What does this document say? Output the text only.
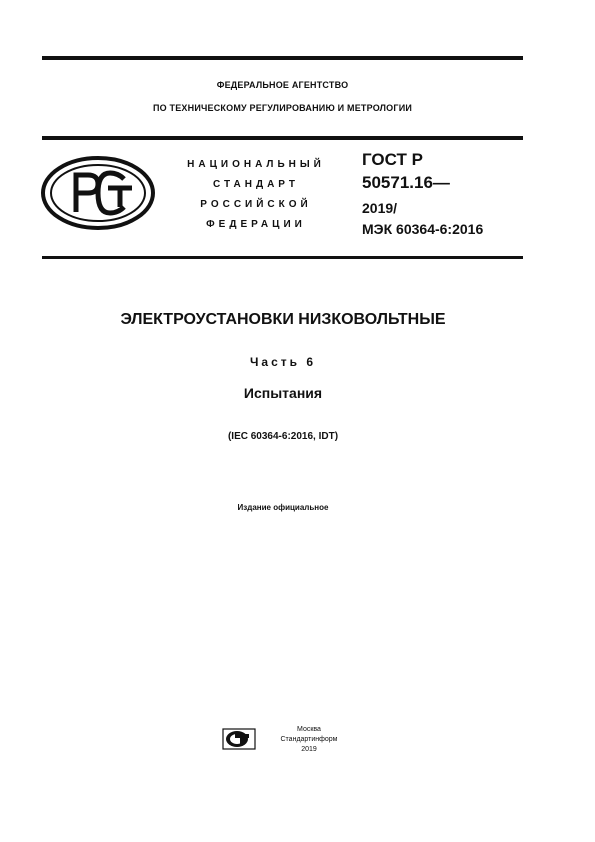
ФЕДЕРАЛЬНОЕ АГЕНТСТВО
ПО ТЕХНИЧЕСКОМУ РЕГУЛИРОВАНИЮ И МЕТРОЛОГИИ
НАЦИОНАЛЬНЫЙ
СТАНДАРТ
РОССИЙСКОЙ
ФЕДЕРАЦИИ
ГОСТ Р
50571.16—
2019/
МЭК 60364-6:2016
ЭЛЕКТРОУСТАНОВКИ НИЗКОВОЛЬТНЫЕ
Часть 6
Испытания
(IEC 60364-6:2016, IDT)
Издание официальное
Москва
Стандартинформ
2019
